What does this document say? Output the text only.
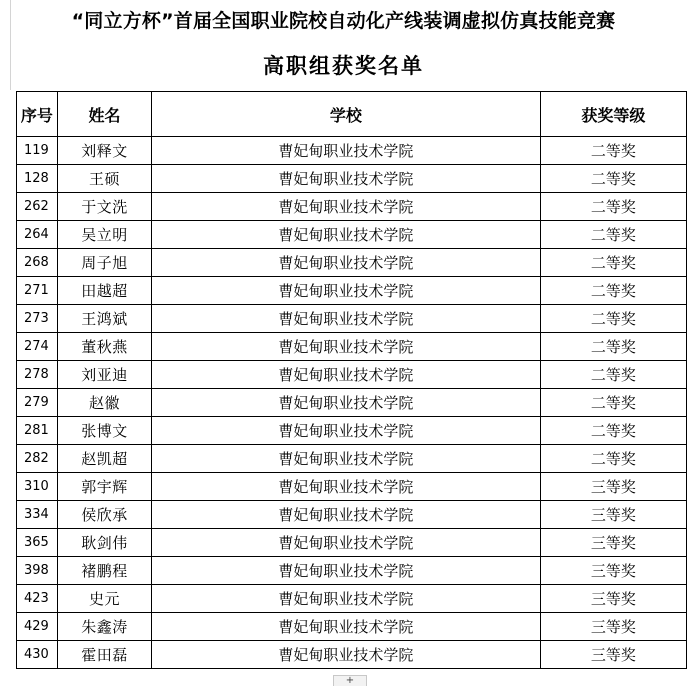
“同立方杯”首届全国职业院校自动化产线装调虚拟仿真技能竞赛
高职组获奖名单
序号	姓名	学校	获奖等级
119	刘释文	曹妃甸职业技术学院	二等奖
128	王硕	曹妃甸职业技术学院	二等奖
262	于文洗	曹妃甸职业技术学院	二等奖
264	吴立明	曹妃甸职业技术学院	二等奖
268	周子旭	曹妃甸职业技术学院	二等奖
271	田越超	曹妃甸职业技术学院	二等奖
273	王鸿斌	曹妃甸职业技术学院	二等奖
274	董秋燕	曹妃甸职业技术学院	二等奖
278	刘亚迪	曹妃甸职业技术学院	二等奖
279	赵徽	曹妃甸职业技术学院	二等奖
281	张博文	曹妃甸职业技术学院	二等奖
282	赵凯超	曹妃甸职业技术学院	二等奖
310	郭宇辉	曹妃甸职业技术学院	三等奖
334	侯欣承	曹妃甸职业技术学院	三等奖
365	耿剑伟	曹妃甸职业技术学院	三等奖
398	褚鹏程	曹妃甸职业技术学院	三等奖
423	史元	曹妃甸职业技术学院	三等奖
429	朱鑫涛	曹妃甸职业技术学院	三等奖
430	霍田磊	曹妃甸职业技术学院	三等奖
+
